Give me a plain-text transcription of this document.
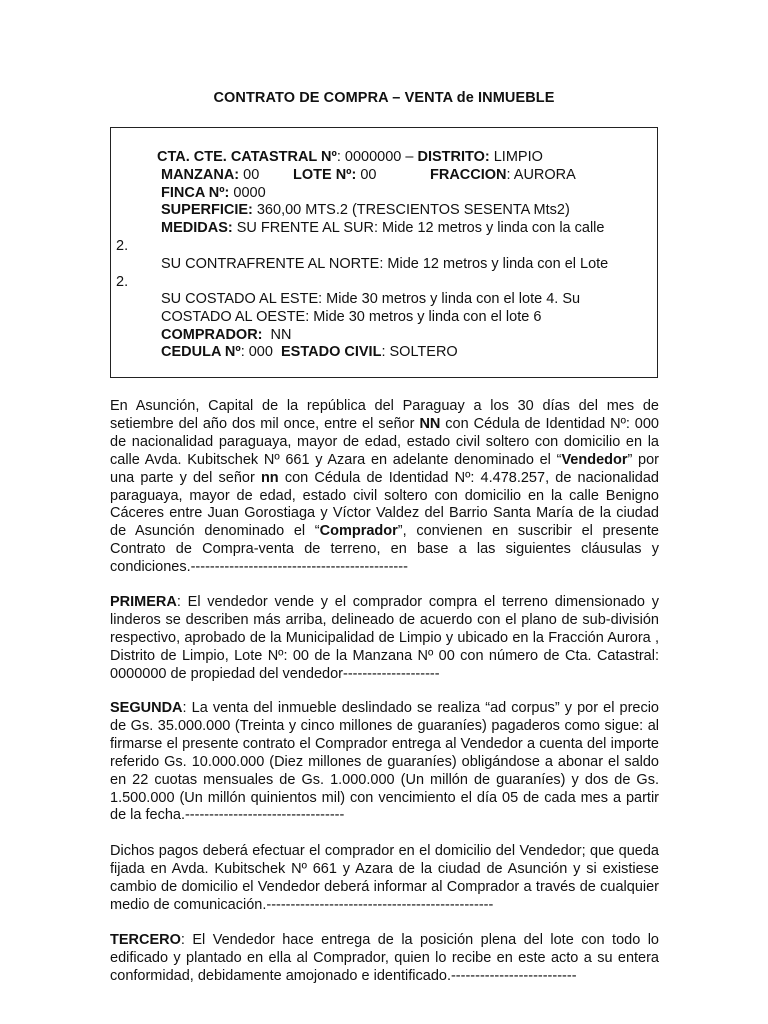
CONTRATO DE COMPRA – VENTA de INMUEBLE
CTA. CTE. CATASTRAL Nº: 0000000 – DISTRITO: LIMPIO
MANZANA: 00 LOTE Nº: 00	FRACCION: AURORA
FINCA Nº: 0000
SUPERFICIE: 360,00 MTS.2 (TRESCIENTOS SESENTA Mts2)
MEDIDAS: SU FRENTE AL SUR: Mide 12 metros y linda con la calle
2.
SU CONTRAFRENTE AL NORTE: Mide 12 metros y linda con el Lote
2.
SU COSTADO AL ESTE: Mide 30 metros y linda con el lote 4. Su
COSTADO AL OESTE: Mide 30 metros y linda con el lote 6
COMPRADOR:  NN
CEDULA Nº: 000  ESTADO CIVIL: SOLTERO
En Asunción, Capital de la república del Paraguay a los 30 días del mes de setiembre del año dos mil once, entre el señor NN con Cédula de Identidad Nº: 000 de nacionalidad paraguaya, mayor de edad, estado civil soltero con domicilio en la calle Avda. Kubitschek Nº 661 y Azara en adelante denominado el “Vendedor” por una parte y del señor nn con Cédula de Identidad Nº: 4.478.257, de nacionalidad paraguaya, mayor de edad, estado civil soltero con domicilio en la calle Benigno Cáceres entre Juan Gorostiaga y Víctor Valdez del Barrio Santa María de la ciudad de Asunción denominado el “Comprador”, convienen en suscribir el presente Contrato de Compra-venta de terreno, en base a las siguientes cláusulas y condiciones.---------------------------------------------
PRIMERA: El vendedor vende y el comprador compra el terreno dimensionado y linderos se describen más arriba, delineado de acuerdo con el plano de sub-división respectivo, aprobado de la Municipalidad de Limpio y ubicado en la Fracción Aurora , Distrito de Limpio, Lote Nº: 00 de la Manzana Nº 00 con número de Cta. Catastral: 0000000 de propiedad del vendedor--------------------
SEGUNDA: La venta del inmueble deslindado se realiza “ad corpus” y por el precio de Gs. 35.000.000 (Treinta y cinco millones de guaraníes) pagaderos como sigue: al firmarse el presente contrato el Comprador entrega al Vendedor a cuenta del importe referido Gs. 10.000.000 (Diez millones de guaraníes) obligándose a abonar el saldo en 22 cuotas mensuales de Gs. 1.000.000 (Un millón de guaraníes) y dos de Gs. 1.500.000 (Un millón quinientos mil) con vencimiento el día 05 de cada mes a partir de la fecha.---------------------------------
Dichos pagos deberá efectuar el comprador en el domicilio del Vendedor; que queda fijada en Avda. Kubitschek Nº 661 y Azara de la ciudad de Asunción y si existiese cambio de domicilio el Vendedor deberá informar al Comprador a través de cualquier medio de comunicación.-----------------------------------------------
TERCERO: El Vendedor hace entrega de la posición plena del lote con todo lo edificado y plantado en ella al Comprador, quien lo recibe en este acto a su entera conformidad, debidamente amojonado e identificado.--------------------------
